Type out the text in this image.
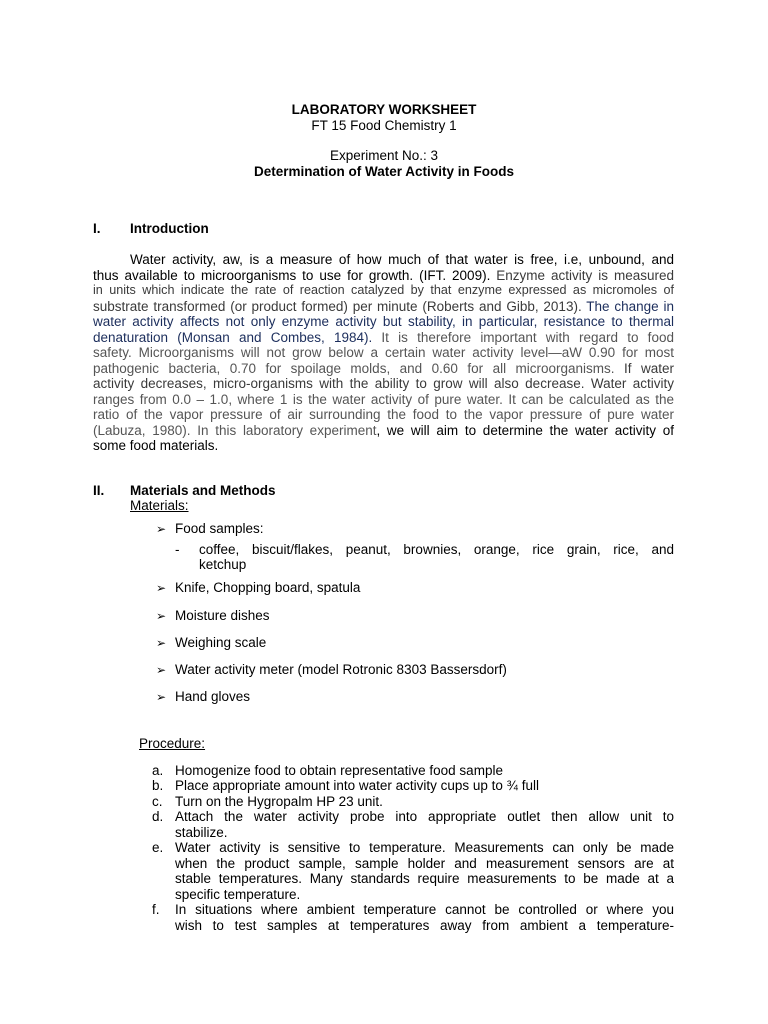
LABORATORY WORKSHEET
FT 15 Food Chemistry 1
Experiment No.: 3
Determination of Water Activity in Foods
I. Introduction
Water activity, aw, is a measure of how much of that water is free, i.e, unbound, and
thus available to microorganisms to use for growth. (IFT. 2009). Enzyme activity is measured
in units which indicate the rate of reaction catalyzed by that enzyme expressed as micromoles of
substrate transformed (or product formed) per minute (Roberts and Gibb, 2013). The change in
water activity affects not only enzyme activity but stability, in particular, resistance to thermal
denaturation (Monsan and Combes, 1984). It is therefore important with regard to food
safety. Microorganisms will not grow below a certain water activity level—aW 0.90 for most
pathogenic bacteria, 0.70 for spoilage molds, and 0.60 for all microorganisms. If water
activity decreases, micro-organisms with the ability to grow will also decrease. Water activity
ranges from 0.0 – 1.0, where 1 is the water activity of pure water. It can be calculated as the
ratio of the vapor pressure of air surrounding the food to the vapor pressure of pure water
(Labuza, 1980). In this laboratory experiment, we will aim to determine the water activity of
some food materials.
II. Materials and Methods
Materials:
➢ Food samples:
-	coffee, biscuit/flakes, peanut, brownies, orange, rice grain, rice, and
ketchup
➢ Knife, Chopping board, spatula
➢ Moisture dishes
➢ Weighing scale
➢ Water activity meter (model Rotronic 8303 Bassersdorf)
➢ Hand gloves
Procedure:
a. Homogenize food to obtain representative food sample
b. Place appropriate amount into water activity cups up to ¾ full
c. Turn on the Hygropalm HP 23 unit.
d. Attach the water activity probe into appropriate outlet then allow unit to
stabilize.
e. Water activity is sensitive to temperature. Measurements can only be made
when the product sample, sample holder and measurement sensors are at
stable temperatures. Many standards require measurements to be made at a
specific temperature.
f.	In situations where ambient temperature cannot be controlled or where you
wish to test samples at temperatures away from ambient a temperature-
